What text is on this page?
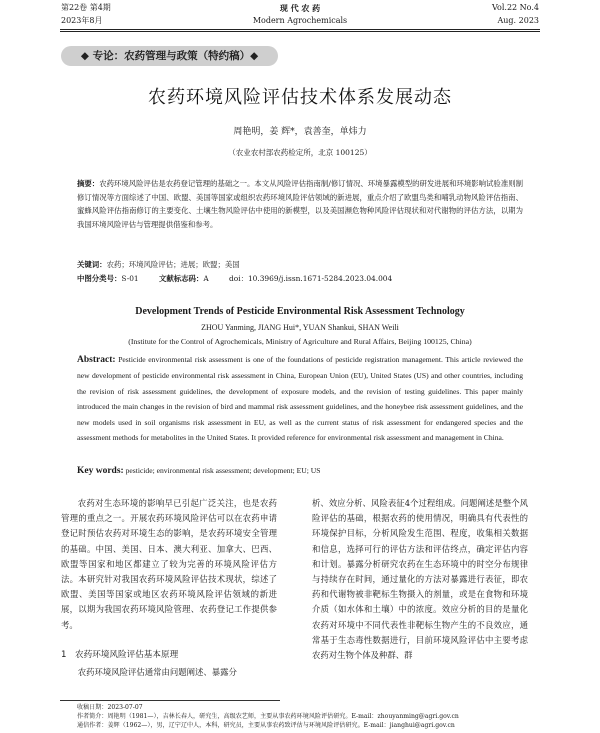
第22卷 第4期
2023年8月
现 代 农 药
Modern Agrochemicals
Vol.22 No.4
Aug. 2023
◆ 专论：农药管理与政策（特约稿）◆
农药环境风险评估技术体系发展动态
周艳明，姜 辉*，袁善奎，单炜力
（农业农村部农药检定所，北京 100125）
摘要：农药环境风险评估是农药登记管理的基础之一。本文从风险评估指南制/修订情况、环境暴露模型的研发进展和环境影响试验准则制修订情况等方面综述了中国、欧盟、美国等国家或组织农药环境风险评估领域的新进展，重点介绍了欧盟鸟类和哺乳动物风险评估指南、蜜蜂风险评估指南修订的主要变化、土壤生物风险评估中使用的新模型，以及美国濒危物种风险评估现状和对代谢物的评估方法，以期为我国环境风险评估与管理提供借鉴和参考。
关键词：农药；环境风险评估；进展；欧盟；美国
中图分类号：S-01	文献标志码：A	doi：10.3969/j.issn.1671-5284.2023.04.004
Development Trends of Pesticide Environmental Risk Assessment Technology
ZHOU Yanming, JIANG Hui*, YUAN Shankui, SHAN Weili
(Institute for the Control of Agrochemicals, Ministry of Agriculture and Rural Affairs, Beijing 100125, China)
Abstract: Pesticide environmental risk assessment is one of the foundations of pesticide registration management. This article reviewed the new development of pesticide environmental risk assessment in China, European Union (EU), United States (US) and other countries, including the revision of risk assessment guidelines, the development of exposure models, and the revision of testing guidelines. This paper mainly introduced the main changes in the revision of bird and mammal risk assessment guidelines, and the honeybee risk assessment guidelines, and the new models used in soil organisms risk assessment in EU, as well as the current status of risk assessment for endangered species and the assessment methods for metabolites in the United States. It provided reference for environmental risk assessment and management in China.
Key words: pesticide; environmental risk assessment; development; EU; US

农药对生态环境的影响早已引起广泛关注，也是农药管理的重点之一。开展农药环境风险评估可以在农药申请登记时预估农药对环境生态的影响，是农药环境安全管理的基础。中国、美国、日本、澳大利亚、加拿大、巴西、欧盟等国家和地区都建立了较为完善的环境风险评估方法。本研究针对我国农药环境风险评估技术现状，综述了欧盟、美国等国家或地区农药环境风险评估领域的新进展，以期为我国农药环境风险管理、农药登记工作提供参考。

1　农药环境风险评估基本原理
农药环境风险评估通常由问题阐述、暴露分

析、效应分析、风险表征4个过程组成。问题阐述是整个风险评估的基础，根据农药的使用情况，明确具有代表性的环境保护目标，分析风险发生范围、程度，收集相关数据和信息，选择可行的评估方法和评估终点，确定评估内容和计划。暴露分析研究农药在生态环境中的时空分布规律与持续存在时间，通过量化的方法对暴露进行表征，即农药和代谢物被非靶标生物摄入的剂量，或是在食物和环境介质（如水体和土壤）中的浓度。效应分析的目的是量化农药对环境中不同代表性非靶标生物产生的不良效应，通常基于生态毒性数据进行，目前环境风险评估中主要考虑农药对生物个体及种群、群

收稿日期：2023-07-07
作者简介：周艳明（1981—），吉林长春人，研究生，高级农艺师，主要从事农药环境风险评估研究。E-mail：zhouyanming@agri.gov.cn
通信作者：姜辉（1962—），男，辽宁辽中人，本科，研究员，主要从事农药致评估与环境风险评估研究。E-mail：jianghui@agri.gov.cn
